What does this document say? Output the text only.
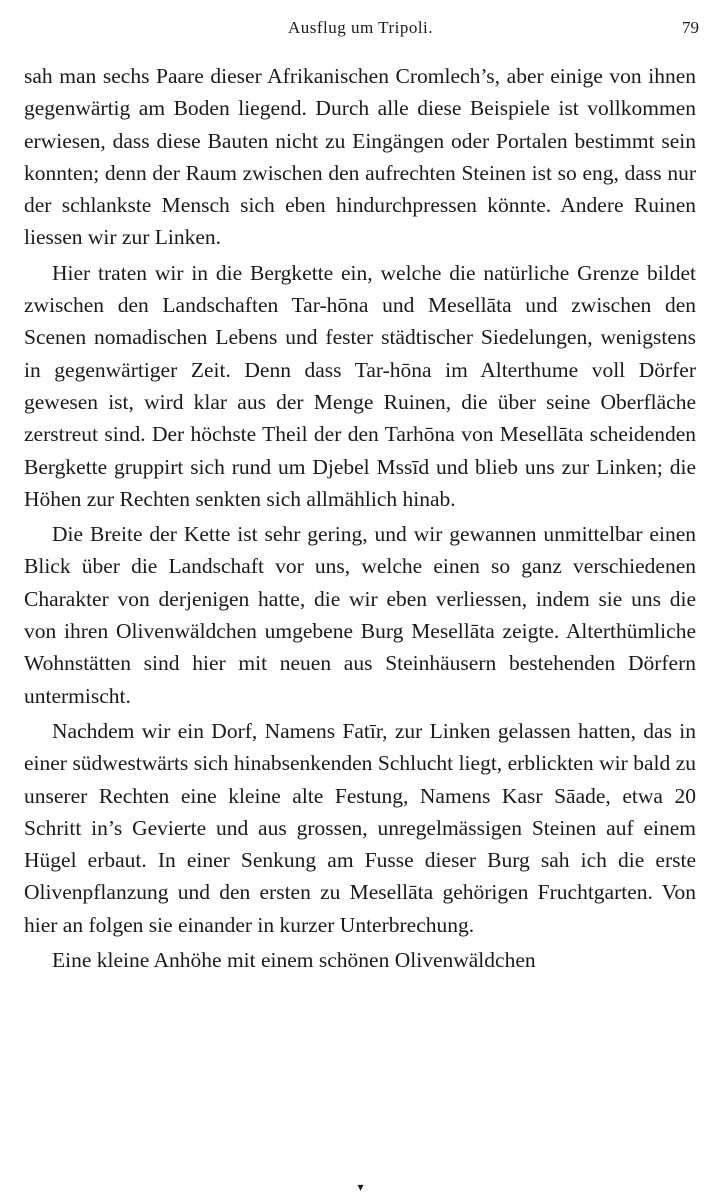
Ausflug um Tripoli.	79

sah man sechs Paare dieser Afrikanischen Cromlech’s, aber einige von ihnen gegenwärtig am Boden liegend. Durch alle diese Beispiele ist vollkommen erwiesen, dass diese Bauten nicht zu Eingängen oder Portalen bestimmt sein konnten; denn der Raum zwischen den aufrechten Steinen ist so eng, dass nur der schlankste Mensch sich eben hindurchpressen könnte. Andere Ruinen liessen wir zur Linken.

Hier traten wir in die Bergkette ein, welche die natürliche Grenze bildet zwischen den Landschaften Tar-hōna und Mesellāta und zwischen den Scenen nomadischen Lebens und fester städtischer Siedelungen, wenigstens in gegenwärtiger Zeit. Denn dass Tar-hōna im Alterthume voll Dörfer gewesen ist, wird klar aus der Menge Ruinen, die über seine Oberfläche zerstreut sind. Der höchste Theil der den Tarhōna von Mesellāta scheidenden Bergkette gruppirt sich rund um Djebel Mssīd und blieb uns zur Linken; die Höhen zur Rechten senkten sich allmählich hinab.

Die Breite der Kette ist sehr gering, und wir gewannen unmittelbar einen Blick über die Landschaft vor uns, welche einen so ganz verschiedenen Charakter von derjenigen hatte, die wir eben verliessen, indem sie uns die von ihren Olivenwäldchen umgebene Burg Mesellāta zeigte. Alterthümliche Wohnstätten sind hier mit neuen aus Steinhäusern bestehenden Dörfern untermischt.

Nachdem wir ein Dorf, Namens Fatīr, zur Linken gelassen hatten, das in einer südwestwärts sich hinabsenkenden Schlucht liegt, erblickten wir bald zu unserer Rechten eine kleine alte Festung, Namens Kasr Sāade, etwa 20 Schritt in’s Gevierte und aus grossen, unregelmässigen Steinen auf einem Hügel erbaut. In einer Senkung am Fusse dieser Burg sah ich die erste Olivenpflanzung und den ersten zu Mesellāta gehörigen Fruchtgarten. Von hier an folgen sie einander in kurzer Unterbrechung.

Eine kleine Anhöhe mit einem schönen Olivenwäldchen

▾
